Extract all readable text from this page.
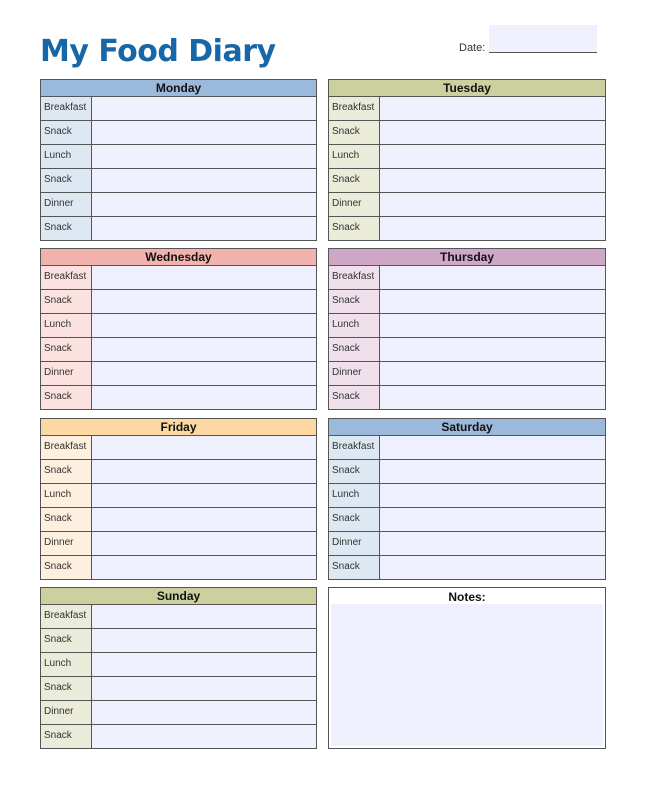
My Food Diary	Date:
Monday
Breakfast
Snack
Lunch
Snack
Dinner
Snack
Tuesday
Breakfast
Snack
Lunch
Snack
Dinner
Snack
Wednesday
Breakfast
Snack
Lunch
Snack
Dinner
Snack
Thursday
Breakfast
Snack
Lunch
Snack
Dinner
Snack
Friday
Breakfast
Snack
Lunch
Snack
Dinner
Snack
Saturday
Breakfast
Snack
Lunch
Snack
Dinner
Snack
Sunday
Breakfast
Snack
Lunch
Snack
Dinner
Snack
Notes:
